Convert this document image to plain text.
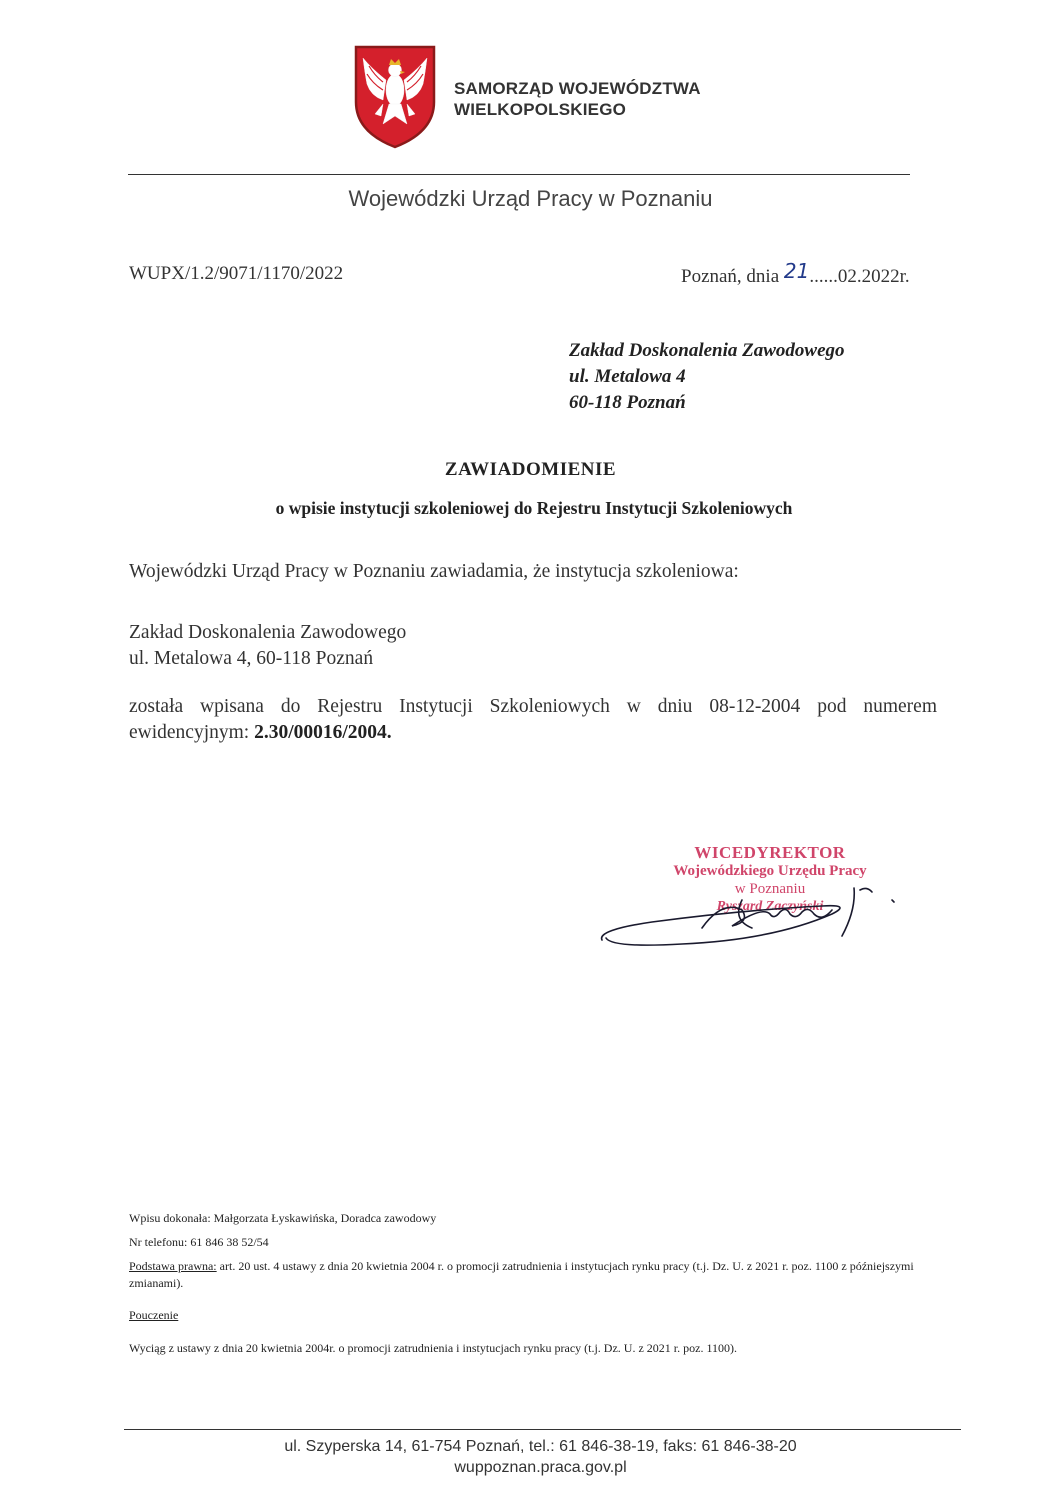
SAMORZĄD WOJEWÓDZTWA
WIELKOPOLSKIEGO
Wojewódzki Urząd Pracy w Poznaniu
WUPX/1.2/9071/1170/2022	Poznań, dnia 21......02.2022r.
Zakład Doskonalenia Zawodowego
ul. Metalowa 4
60-118 Poznań
ZAWIADOMIENIE
o wpisie instytucji szkoleniowej do Rejestru Instytucji Szkoleniowych
Wojewódzki Urząd Pracy w Poznaniu zawiadamia, że instytucja szkoleniowa:
Zakład Doskonalenia Zawodowego
ul. Metalowa 4, 60-118 Poznań
została wpisana do Rejestru Instytucji Szkoleniowych w dniu 08-12-2004 pod numerem ewidencyjnym: 2.30/00016/2004.
WICEDYREKTOR
Wojewódzkiego Urzędu Pracy
w Poznaniu
Ryszard Zaczyński
Wpisu dokonała: Małgorzata Łyskawińska, Doradca zawodowy
Nr telefonu: 61 846 38 52/54
Podstawa prawna: art. 20 ust. 4 ustawy z dnia 20 kwietnia 2004 r. o promocji zatrudnienia i instytucjach rynku pracy (t.j. Dz. U. z 2021 r. poz. 1100 z późniejszymi zmianami).
Pouczenie
Wyciąg z ustawy z dnia 20 kwietnia 2004r. o promocji zatrudnienia i instytucjach rynku pracy (t.j. Dz. U. z 2021 r. poz. 1100).
ul. Szyperska 14, 61-754 Poznań, tel.: 61 846-38-19, faks: 61 846-38-20
wuppoznan.praca.gov.pl
